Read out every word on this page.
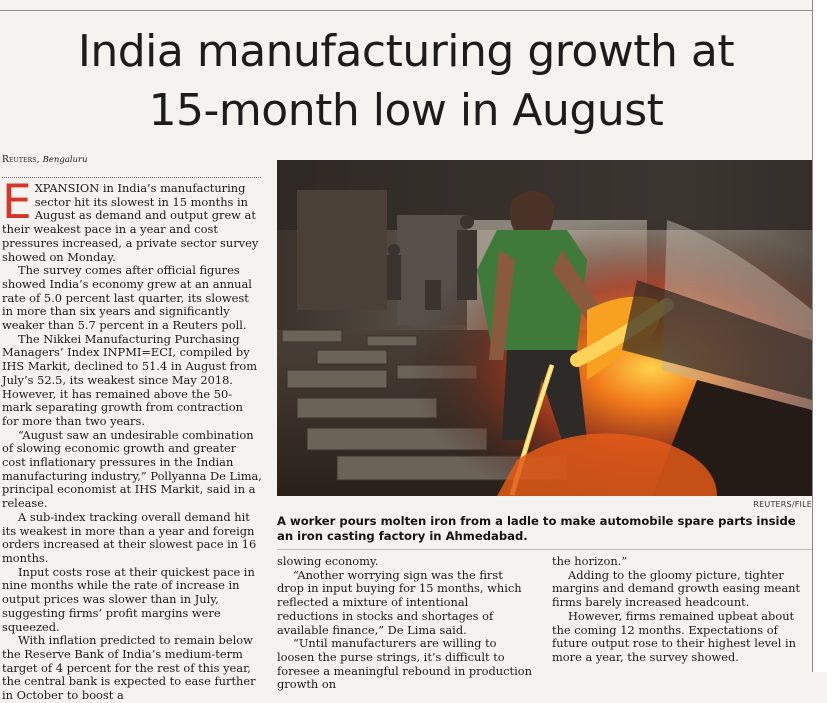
India manufacturing growth at
15-month low in August
Reuters, Bengaluru

EXPANSION in India’s manufacturing sector hit its slowest in 15 months in August as demand and output grew at their weakest pace in a year and cost pressures increased, a private sector survey showed on Monday.

The survey comes after official figures showed India’s economy grew at an annual rate of 5.0 percent last quarter, its slowest in more than six years and significantly weaker than 5.7 percent in a Reuters poll.

The Nikkei Manufacturing Purchasing Managers’ Index INPMI=ECI, compiled by IHS Markit, declined to 51.4 in August from July’s 52.5, its weakest since May 2018. However, it has remained above the 50-mark separating growth from contraction for more than two years.

“August saw an undesirable combination of slowing economic growth and greater cost inflationary pressures in the Indian manufacturing industry,” Pollyanna De Lima, principal economist at IHS Markit, said in a release.

A sub-index tracking overall demand hit its weakest in more than a year and foreign orders increased at their slowest pace in 16 months.

Input costs rose at their quickest pace in nine months while the rate of increase in output prices was slower than in July, suggesting firms’ profit margins were squeezed.

With inflation predicted to remain below the Reserve Bank of India’s medium-term target of 4 percent for the rest of this year, the central bank is expected to ease further in October to boost a

REUTERS/FILE
A worker pours molten iron from a ladle to make automobile spare parts inside an iron casting factory in Ahmedabad.

slowing economy.

“Another worrying sign was the first drop in input buying for 15 months, which reflected a mixture of intentional reductions in stocks and shortages of available finance,” De Lima said.

“Until manufacturers are willing to loosen the purse strings, it’s difficult to foresee a meaningful rebound in production growth on

the horizon.”

Adding to the gloomy picture, tighter margins and demand growth easing meant firms barely increased headcount.

However, firms remained upbeat about the coming 12 months. Expectations of future output rose to their highest level in more a year, the survey showed.
